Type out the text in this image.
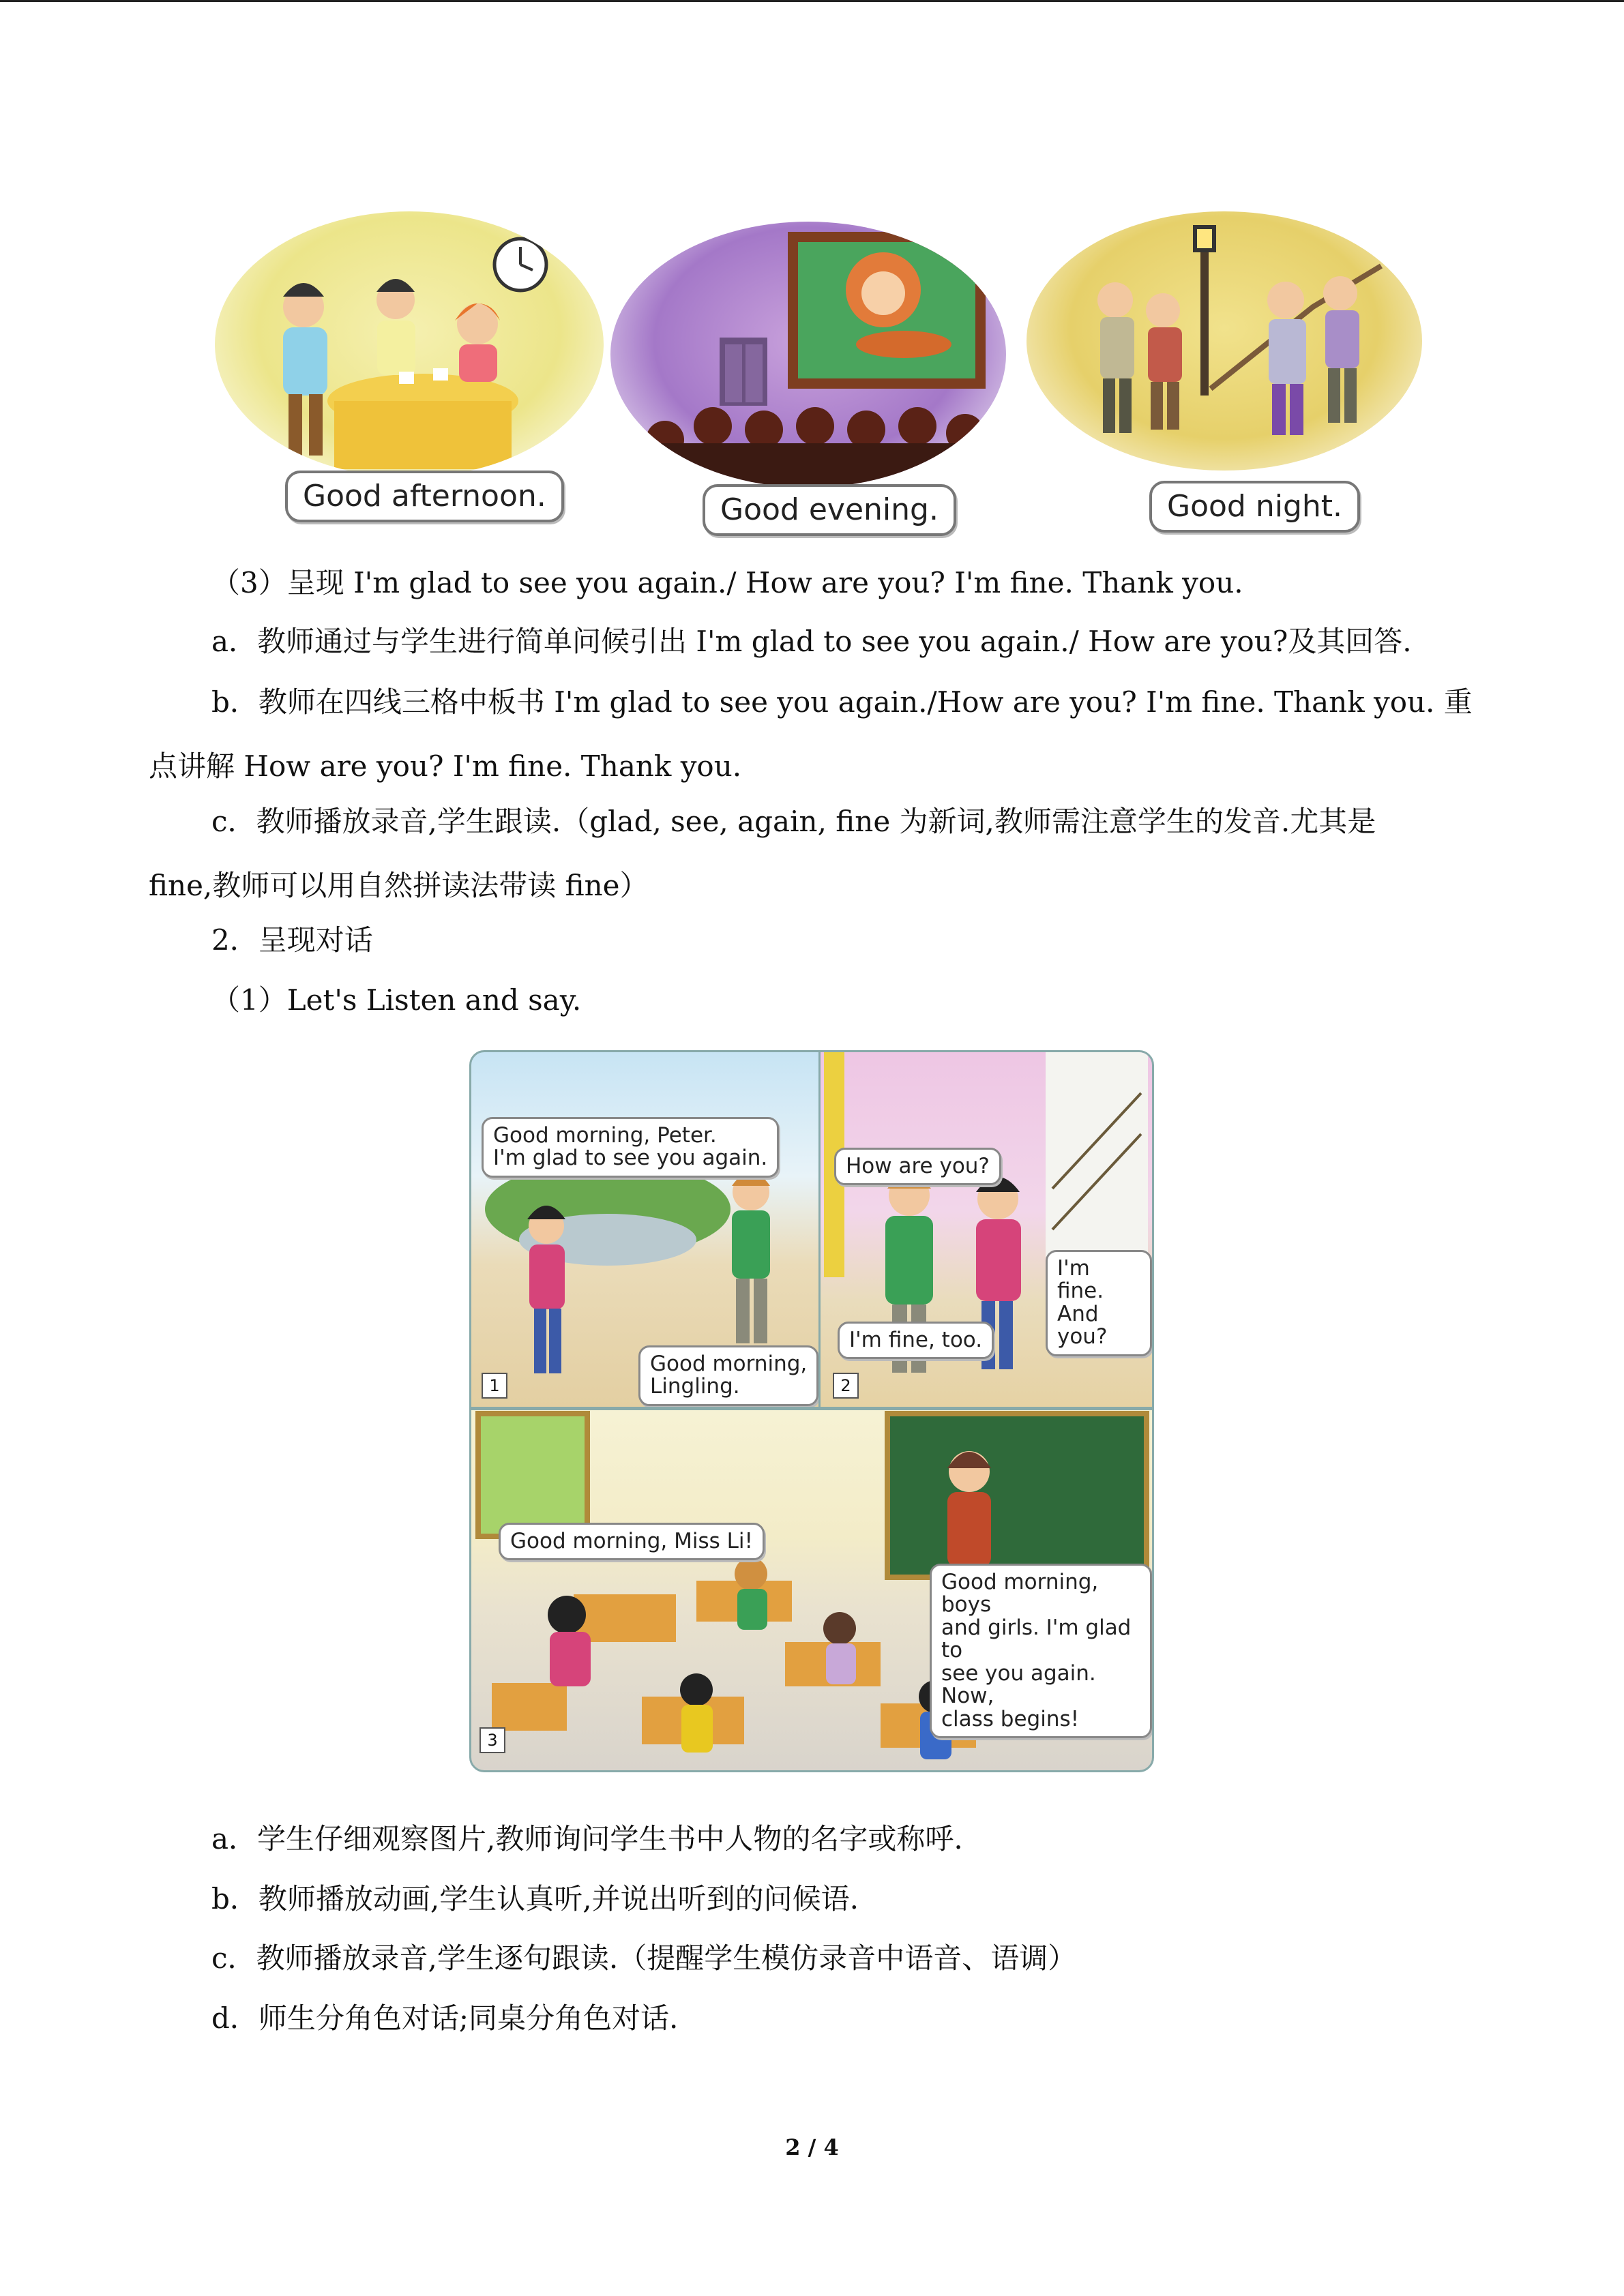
Good afternoon.	Good evening.	Good night.
（3）呈现 I'm glad to see you again./ How are you? I'm fine. Thank you.
a．教师通过与学生进行简单问候引出 I'm glad to see you again./ How are you?及其回答.
b．教师在四线三格中板书 I'm glad to see you again./How are you? I'm fine. Thank you. 重
点讲解 How are you? I'm fine. Thank you.
c．教师播放录音,学生跟读.（glad, see, again, fine 为新词,教师需注意学生的发音.尤其是
fine,教师可以用自然拼读法带读 fine）
2．呈现对话
（1）Let's Listen and say.
Good morning, Peter.
I'm glad to see you again.
Good morning,
Lingling.
1
How are you?
I'm fine.
And you?
I'm fine, too.
2
Good morning, Miss Li!
Good morning, boys
and girls. I'm glad to
see you again. Now,
class begins!
3
a．学生仔细观察图片,教师询问学生书中人物的名字或称呼.
b．教师播放动画,学生认真听,并说出听到的问候语.
c．教师播放录音,学生逐句跟读.（提醒学生模仿录音中语音、语调）
d．师生分角色对话;同桌分角色对话.
2 / 4
